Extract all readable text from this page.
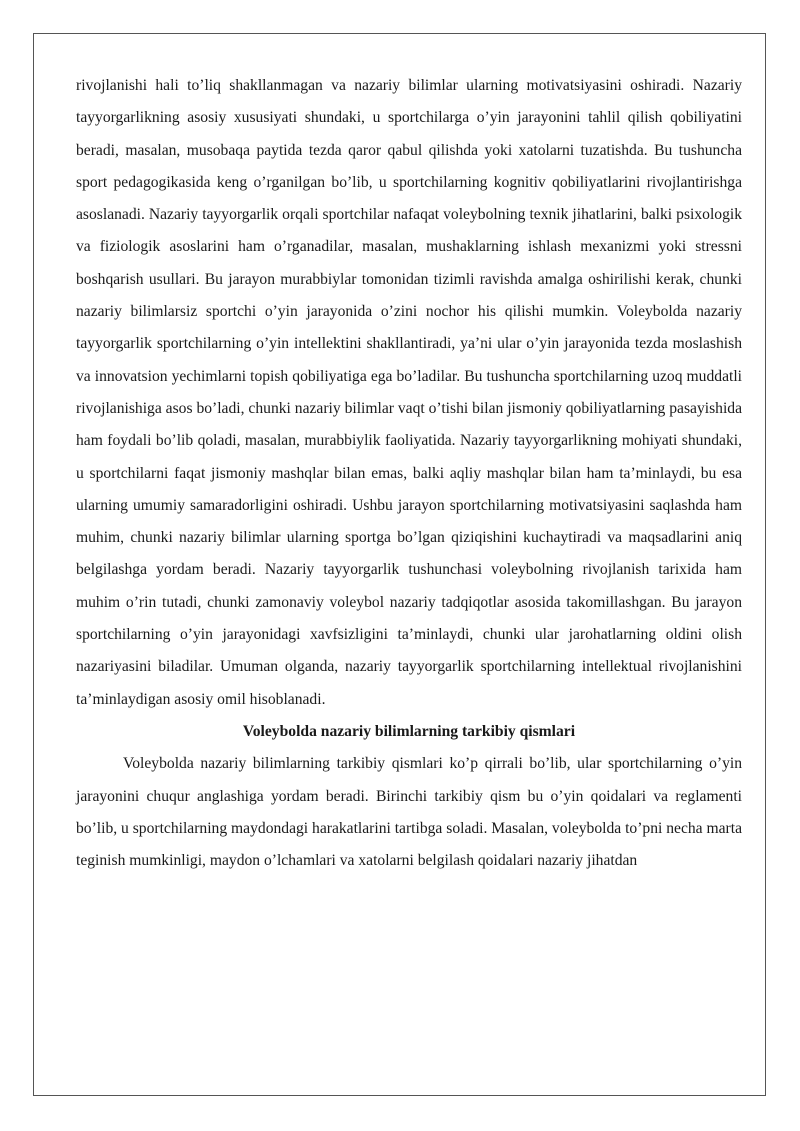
rivojlanishi hali to’liq shakllanmagan va nazariy bilimlar ularning motivatsiyasini oshiradi. Nazariy tayyorgarlikning asosiy xususiyati shundaki, u sportchilarga o’yin jarayonini tahlil qilish qobiliyatini beradi, masalan, musobaqa paytida tezda qaror qabul qilishda yoki xatolarni tuzatishda. Bu tushuncha sport pedagogikasida keng o’rganilgan bo’lib, u sportchilarning kognitiv qobiliyatlarini rivojlantirishga asoslanadi. Nazariy tayyorgarlik orqali sportchilar nafaqat voleybolning texnik jihatlarini, balki psixologik va fiziologik asoslarini ham o’rganadilar, masalan, mushaklarning ishlash mexanizmi yoki stressni boshqarish usullari. Bu jarayon murabbiylar tomonidan tizimli ravishda amalga oshirilishi kerak, chunki nazariy bilimlarsiz sportchi o’yin jarayonida o’zini nochor his qilishi mumkin. Voleybolda nazariy tayyorgarlik sportchilarning o’yin intellektini shakllantiradi, ya’ni ular o’yin jarayonida tezda moslashish va innovatsion yechimlarni topish qobiliyatiga ega bo’ladilar. Bu tushuncha sportchilarning uzoq muddatli rivojlanishiga asos bo’ladi, chunki nazariy bilimlar vaqt o’tishi bilan jismoniy qobiliyatlarning pasayishida ham foydali bo’lib qoladi, masalan, murabbiylik faoliyatida. Nazariy tayyorgarlikning mohiyati shundaki, u sportchilarni faqat jismoniy mashqlar bilan emas, balki aqliy mashqlar bilan ham ta’minlaydi, bu esa ularning umumiy samaradorligini oshiradi. Ushbu jarayon sportchilarning motivatsiyasini saqlashda ham muhim, chunki nazariy bilimlar ularning sportga bo’lgan qiziqishini kuchaytiradi va maqsadlarini aniq belgilashga yordam beradi. Nazariy tayyorgarlik tushunchasi voleybolning rivojlanish tarixida ham muhim o’rin tutadi, chunki zamonaviy voleybol nazariy tadqiqotlar asosida takomillashgan. Bu jarayon sportchilarning o’yin jarayonidagi xavfsizligini ta’minlaydi, chunki ular jarohatlarning oldini olish nazariyasini biladilar. Umuman olganda, nazariy tayyorgarlik sportchilarning intellektual rivojlanishini ta’minlaydigan asosiy omil hisoblanadi.

Voleybolda nazariy bilimlarning tarkibiy qismlari

Voleybolda nazariy bilimlarning tarkibiy qismlari ko’p qirrali bo’lib, ular sportchilarning o’yin jarayonini chuqur anglashiga yordam beradi. Birinchi tarkibiy qism bu o’yin qoidalari va reglamenti bo’lib, u sportchilarning maydondagi harakatlarini tartibga soladi. Masalan, voleybolda to’pni necha marta teginish mumkinligi, maydon o’lchamlari va xatolarni belgilash qoidalari nazariy jihatdan
